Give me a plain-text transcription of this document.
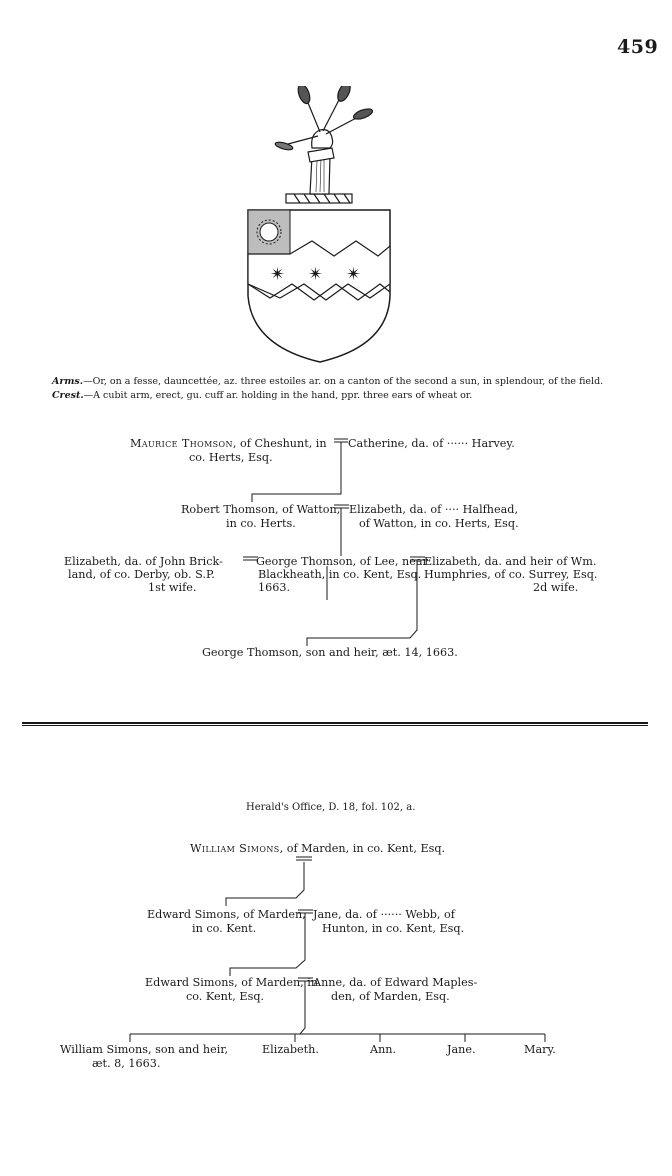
459
✴ ✴ ✴
Arms.—Or, on a fesse, dauncettée, az. three estoiles ar. on a canton of the second a sun, in splendour, of the field.
Crest.—A cubit arm, erect, gu. cuff ar. holding in the hand, ppr. three ears of wheat or.
Maurice Thomson, of Cheshunt, in
co. Herts, Esq.
Catherine, da. of ······ Harvey.
Robert Thomson, of Watton,
in co. Herts.
Elizabeth, da. of ···· Halfhead,
of Watton, in co. Herts, Esq.
Elizabeth, da. of John Brick-
land, of co. Derby, ob. S.P.
1st wife.
George Thomson, of Lee, near
Blackheath, in co. Kent, Esq.
1663.
Elizabeth, da. and heir of Wm.
Humphries, of co. Surrey, Esq.
2d wife.
George Thomson, son and heir, æt. 14, 1663.
Herald's Office, D. 18, fol. 102, a.
William Simons, of Marden, in co. Kent, Esq.
Edward Simons, of Marden,
in co. Kent.
Jane, da. of ······ Webb, of
Hunton, in co. Kent, Esq.
Edward Simons, of Marden, in
co. Kent, Esq.
Anne, da. of Edward Maples-
den, of Marden, Esq.
William Simons, son and heir,
æt. 8, 1663.
Elizabeth.	Ann.	Jane.	Mary.
